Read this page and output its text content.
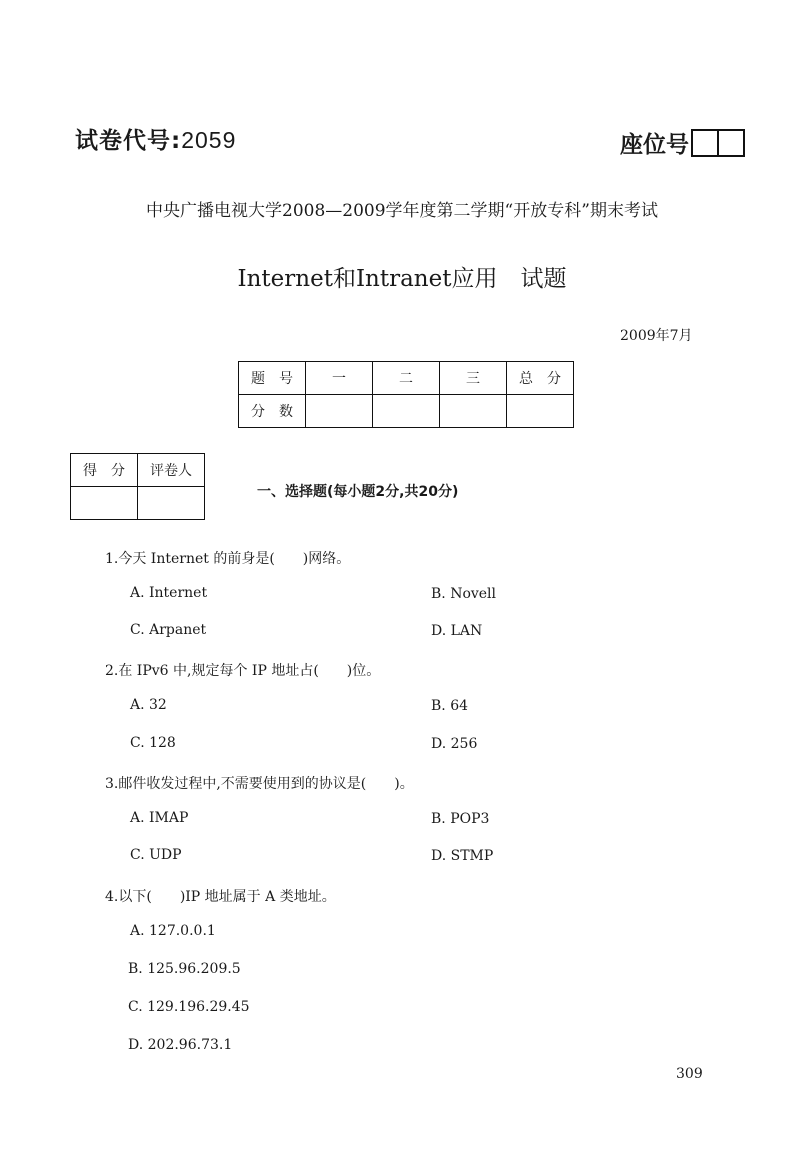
试卷代号:2059	座位号
中央广播电视大学2008—2009学年度第二学期“开放专科”期末考试
Internet和Intranet应用　试题
2009年7月
题　号	一	二	三	总　分
分　数				
得　分	评卷人

一、选择题(每小题2分,共20分)
1.今天 Internet 的前身是(　　)网络。
A. Internet	B. Novell
C. Arpanet	D. LAN
2.在 IPv6 中,规定每个 IP 地址占(　　)位。
A. 32	B. 64
C. 128	D. 256
3.邮件收发过程中,不需要使用到的协议是(　　)。
A. IMAP	B. POP3
C. UDP	D. STMP
4.以下(　　)IP 地址属于 A 类地址。
A. 127.0.0.1
B. 125.96.209.5
C. 129.196.29.45
D. 202.96.73.1
309
